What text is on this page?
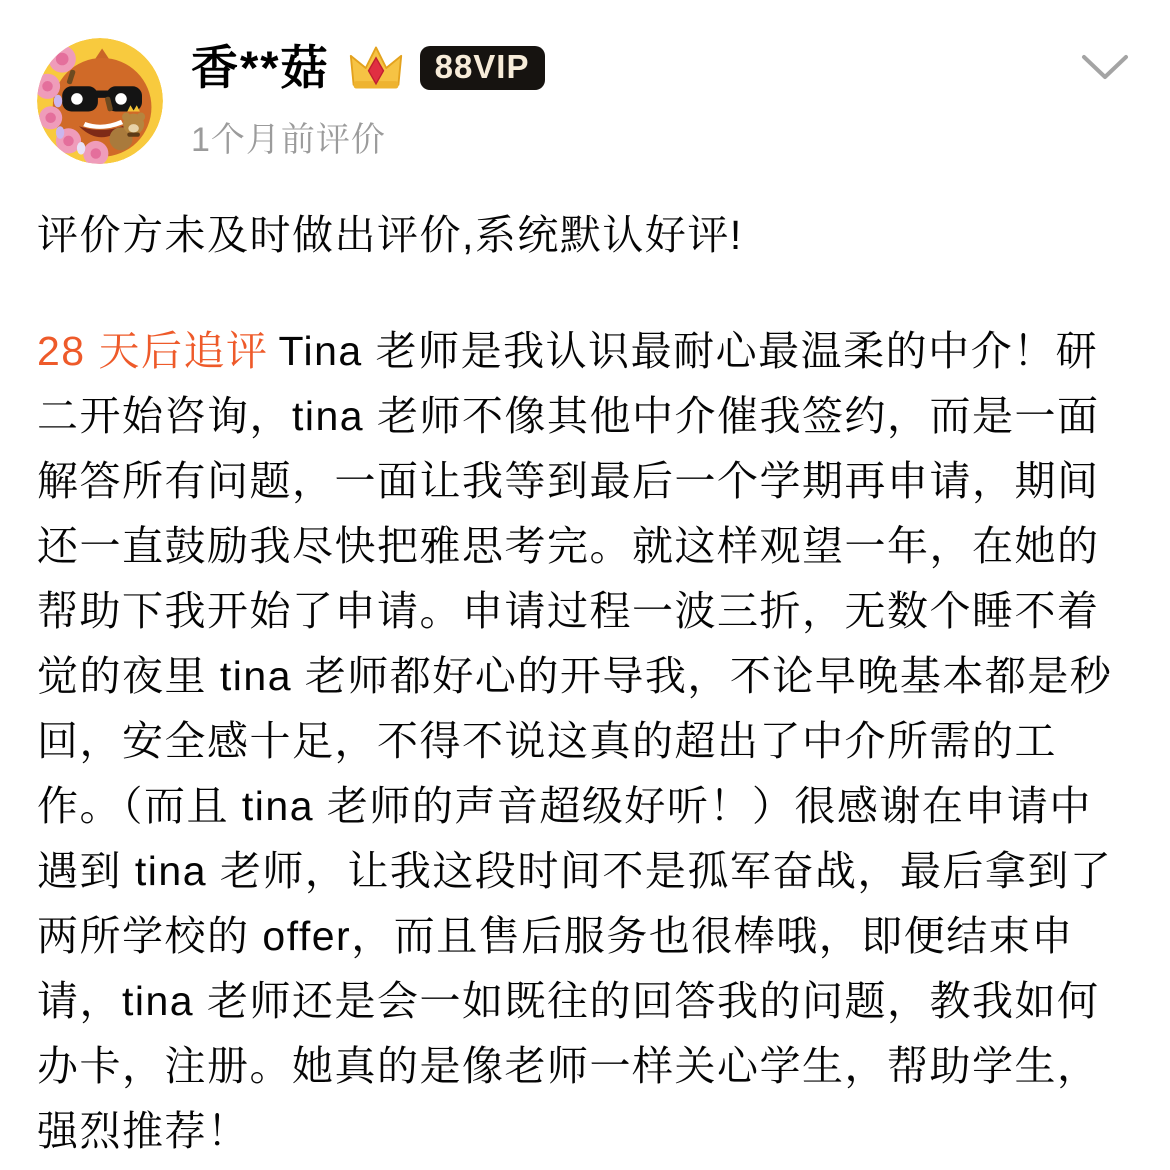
香**菇	88VIP
1个月前评价
评价方未及时做出评价,系统默认好评!
28 天后追评 Tina 老师是我认识最耐心最温柔的中介！研二开始咨询，tina 老师不像其他中介催我签约，而是一面解答所有问题，一面让我等到最后一个学期再申请，期间还一直鼓励我尽快把雅思考完。就这样观望一年，在她的帮助下我开始了申请。申请过程一波三折，无数个睡不着觉的夜里 tina 老师都好心的开导我，不论早晚基本都是秒回，安全感十足，不得不说这真的超出了中介所需的工作。（而且 tina 老师的声音超级好听！）很感谢在申请中遇到 tina 老师，让我这段时间不是孤军奋战，最后拿到了两所学校的 offer，而且售后服务也很棒哦，即便结束申请，tina 老师还是会一如既往的回答我的问题，教我如何办卡，注册。她真的是像老师一样关心学生，帮助学生，强烈推荐！
